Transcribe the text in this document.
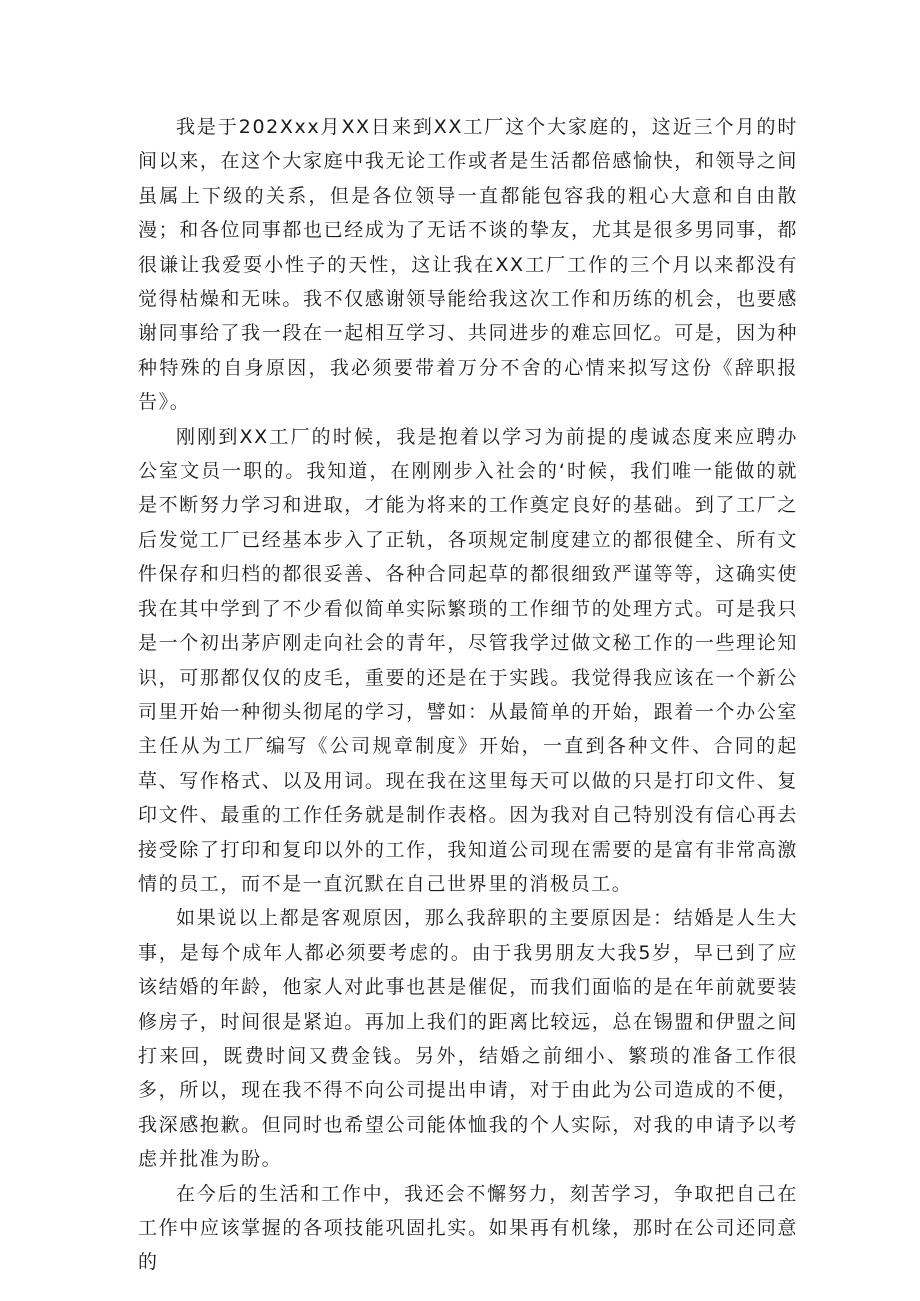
我是于202Xxx月XX日来到XX工厂这个大家庭的，这近三个月的时间以来，在这个大家庭中我无论工作或者是生活都倍感愉快，和领导之间虽属上下级的关系，但是各位领导一直都能包容我的粗心大意和自由散漫；和各位同事都也已经成为了无话不谈的挚友，尤其是很多男同事，都很谦让我爱耍小性子的天性，这让我在XX工厂工作的三个月以来都没有觉得枯燥和无味。我不仅感谢领导能给我这次工作和历练的机会，也要感谢同事给了我一段在一起相互学习、共同进步的难忘回忆。可是，因为种种特殊的自身原因，我必须要带着万分不舍的心情来拟写这份《辞职报告》。

刚刚到XX工厂的时候，我是抱着以学习为前提的虔诚态度来应聘办公室文员一职的。我知道，在刚刚步入社会的‘时候，我们唯一能做的就是不断努力学习和进取，才能为将来的工作奠定良好的基础。到了工厂之后发觉工厂已经基本步入了正轨，各项规定制度建立的都很健全、所有文件保存和归档的都很妥善、各种合同起草的都很细致严谨等等，这确实使我在其中学到了不少看似简单实际繁琐的工作细节的处理方式。可是我只是一个初出茅庐刚走向社会的青年，尽管我学过做文秘工作的一些理论知识，可那都仅仅的皮毛，重要的还是在于实践。我觉得我应该在一个新公司里开始一种彻头彻尾的学习，譬如：从最简单的开始，跟着一个办公室主任从为工厂编写《公司规章制度》开始，一直到各种文件、合同的起草、写作格式、以及用词。现在我在这里每天可以做的只是打印文件、复印文件、最重的工作任务就是制作表格。因为我对自己特别没有信心再去接受除了打印和复印以外的工作，我知道公司现在需要的是富有非常高激情的员工，而不是一直沉默在自己世界里的消极员工。

如果说以上都是客观原因，那么我辞职的主要原因是：结婚是人生大事，是每个成年人都必须要考虑的。由于我男朋友大我5岁，早已到了应该结婚的年龄，他家人对此事也甚是催促，而我们面临的是在年前就要装修房子，时间很是紧迫。再加上我们的距离比较远，总在锡盟和伊盟之间打来回，既费时间又费金钱。另外，结婚之前细小、繁琐的准备工作很多，所以，现在我不得不向公司提出申请，对于由此为公司造成的不便，我深感抱歉。但同时也希望公司能体恤我的个人实际，对我的申请予以考虑并批准为盼。

在今后的生活和工作中，我还会不懈努力，刻苦学习，争取把自己在工作中应该掌握的各项技能巩固扎实。如果再有机缘，那时在公司还同意的
